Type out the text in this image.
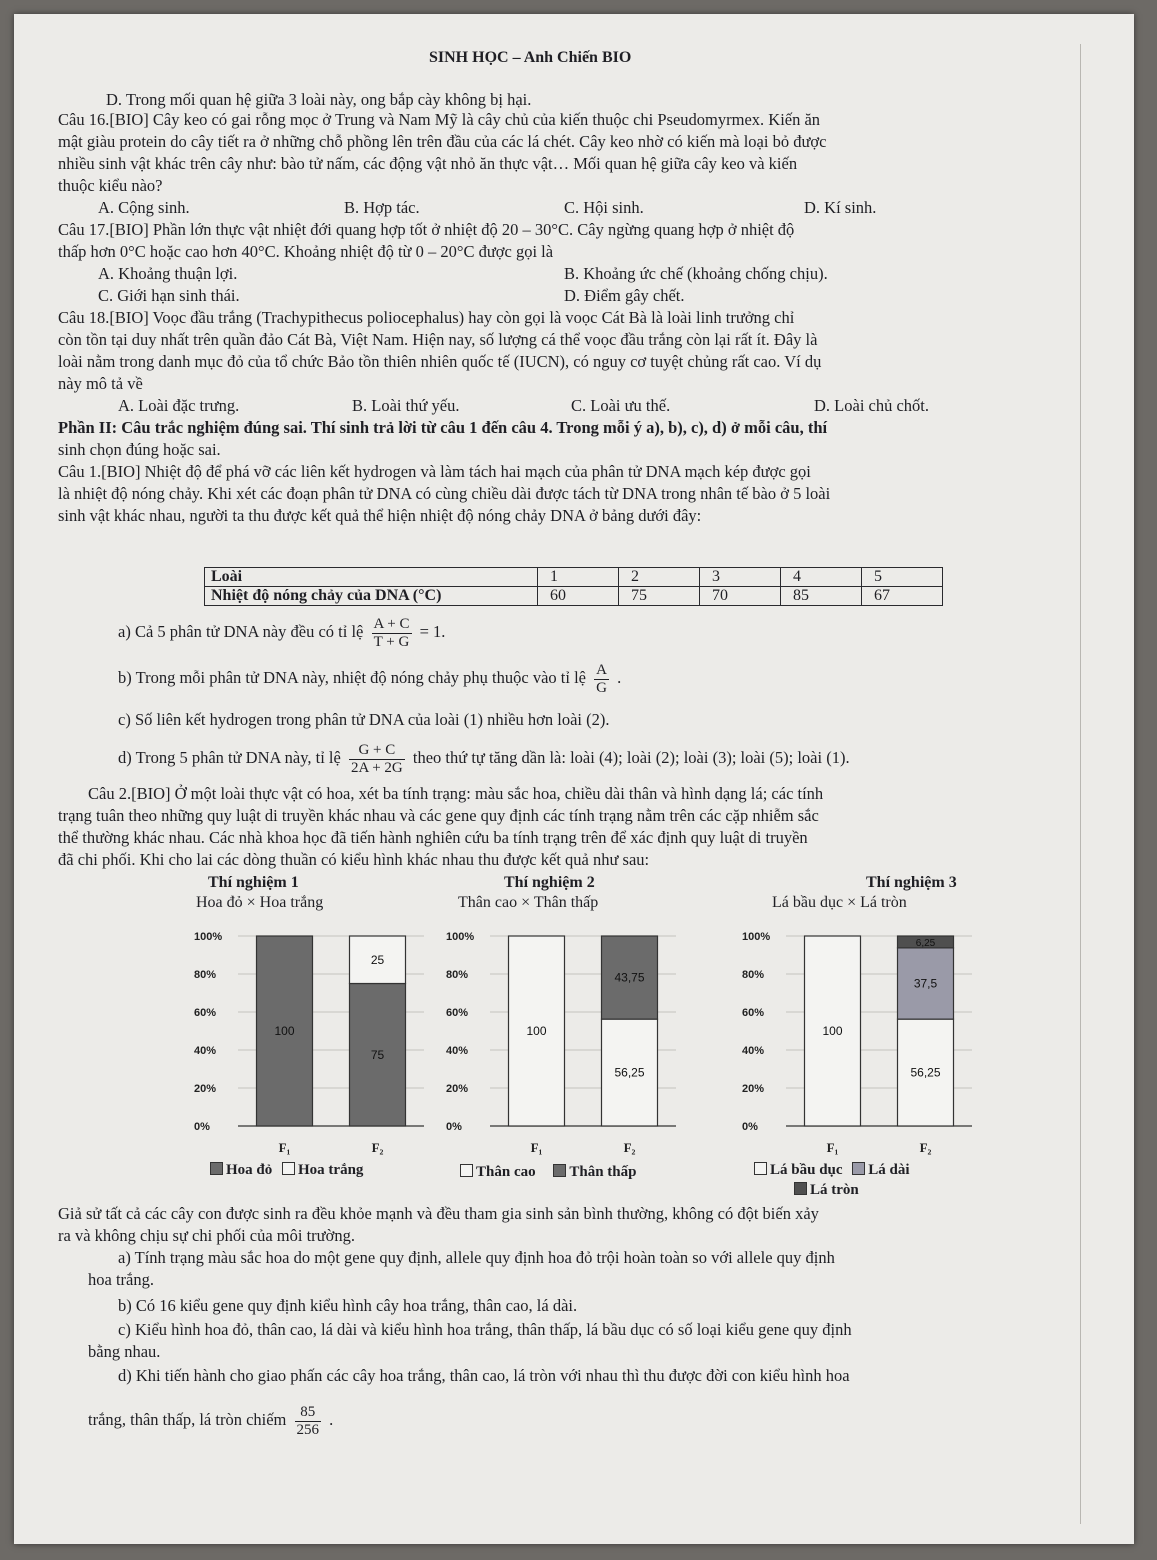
SINH HỌC – Anh Chiến BIO
D. Trong mối quan hệ giữa 3 loài này, ong bắp cày không bị hại.
Câu 16.[BIO] Cây keo có gai rỗng mọc ở Trung và Nam Mỹ là cây chủ của kiến thuộc chi Pseudomyrmex. Kiến ăn
mật giàu protein do cây tiết ra ở những chỗ phồng lên trên đầu của các lá chét. Cây keo nhờ có kiến mà loại bỏ được
nhiều sinh vật khác trên cây như: bào tử nấm, các động vật nhỏ ăn thực vật… Mối quan hệ giữa cây keo và kiến
thuộc kiểu nào?
A. Cộng sinh.	B. Hợp tác.	C. Hội sinh.	D. Kí sinh.
Câu 17.[BIO] Phần lớn thực vật nhiệt đới quang hợp tốt ở nhiệt độ 20 – 30°C. Cây ngừng quang hợp ở nhiệt độ
thấp hơn 0°C hoặc cao hơn 40°C. Khoảng nhiệt độ từ 0 – 20°C được gọi là
A. Khoảng thuận lợi.	B. Khoảng ức chế (khoảng chống chịu).
C. Giới hạn sinh thái.	D. Điểm gây chết.
Câu 18.[BIO] Voọc đầu trắng (Trachypithecus poliocephalus) hay còn gọi là voọc Cát Bà là loài linh trưởng chỉ
còn tồn tại duy nhất trên quần đảo Cát Bà, Việt Nam. Hiện nay, số lượng cá thể voọc đầu trắng còn lại rất ít. Đây là
loài nằm trong danh mục đỏ của tổ chức Bảo tồn thiên nhiên quốc tế (IUCN), có nguy cơ tuyệt chủng rất cao. Ví dụ
này mô tả về
A. Loài đặc trưng.	B. Loài thứ yếu.	C. Loài ưu thế.	D. Loài chủ chốt.
Phần II: Câu trắc nghiệm đúng sai. Thí sinh trả lời từ câu 1 đến câu 4. Trong mỗi ý a), b), c), d) ở mỗi câu, thí
sinh chọn đúng hoặc sai.
Câu 1.[BIO] Nhiệt độ để phá vỡ các liên kết hydrogen và làm tách hai mạch của phân tử DNA mạch kép được gọi
là nhiệt độ nóng chảy. Khi xét các đoạn phân tử DNA có cùng chiều dài được tách từ DNA trong nhân tế bào ở 5 loài
sinh vật khác nhau, người ta thu được kết quả thể hiện nhiệt độ nóng chảy DNA ở bảng dưới đây:
Loài	1	2	3	4	5
Nhiệt độ nóng chảy của DNA (°C)	60	75	70	85	67
a) Cả 5 phân tử DNA này đều có tỉ lệ $\frac{A + C}{T + G} = 1$.
b) Trong mỗi phân tử DNA này, nhiệt độ nóng chảy phụ thuộc vào tỉ lệ $\frac{A}{G}$ .
c) Số liên kết hydrogen trong phân tử DNA của loài (1) nhiều hơn loài (2).
d) Trong 5 phân tử DNA này, tỉ lệ $\frac{G + C}{2A + 2G}$ theo thứ tự tăng dần là: loài (4); loài (2); loài (3); loài (5); loài (1).
Câu 2.[BIO] Ở một loài thực vật có hoa, xét ba tính trạng: màu sắc hoa, chiều dài thân và hình dạng lá; các tính
trạng tuân theo những quy luật di truyền khác nhau và các gene quy định các tính trạng nằm trên các cặp nhiễm sắc
thể thường khác nhau. Các nhà khoa học đã tiến hành nghiên cứu ba tính trạng trên để xác định quy luật di truyền
đã chi phối. Khi cho lai các dòng thuần có kiểu hình khác nhau thu được kết quả như sau:
Thí nghiệm 1
Hoa đỏ × Hoa trắng
Thí nghiệm 2
Thân cao × Thân thấp
Thí nghiệm 3
Lá bầu dục × Lá tròn
100%
80%
60%
40%
20%
0%
F₁
100
F₂
75
25
100%
80%
60%
40%
20%
0%
F₁
100
F₂
56,25
43,75
100%
80%
60%
40%
20%
0%
F₁
100
F₂
56,25
37,5
6,25
Hoa đỏ Hoa trắng	Thân cao Thân thấp	Lá bầu dục Lá dài
Lá tròn
Giả sử tất cả các cây con được sinh ra đều khỏe mạnh và đều tham gia sinh sản bình thường, không có đột biến xảy
ra và không chịu sự chi phối của môi trường.
a) Tính trạng màu sắc hoa do một gene quy định, allele quy định hoa đỏ trội hoàn toàn so với allele quy định
hoa trắng.
b) Có 16 kiểu gene quy định kiểu hình cây hoa trắng, thân cao, lá dài.
c) Kiểu hình hoa đỏ, thân cao, lá dài và kiểu hình hoa trắng, thân thấp, lá bầu dục có số loại kiểu gene quy định
bằng nhau.
d) Khi tiến hành cho giao phấn các cây hoa trắng, thân cao, lá tròn với nhau thì thu được đời con kiểu hình hoa
trắng, thân thấp, lá tròn chiếm $\frac{85}{256}$ .
